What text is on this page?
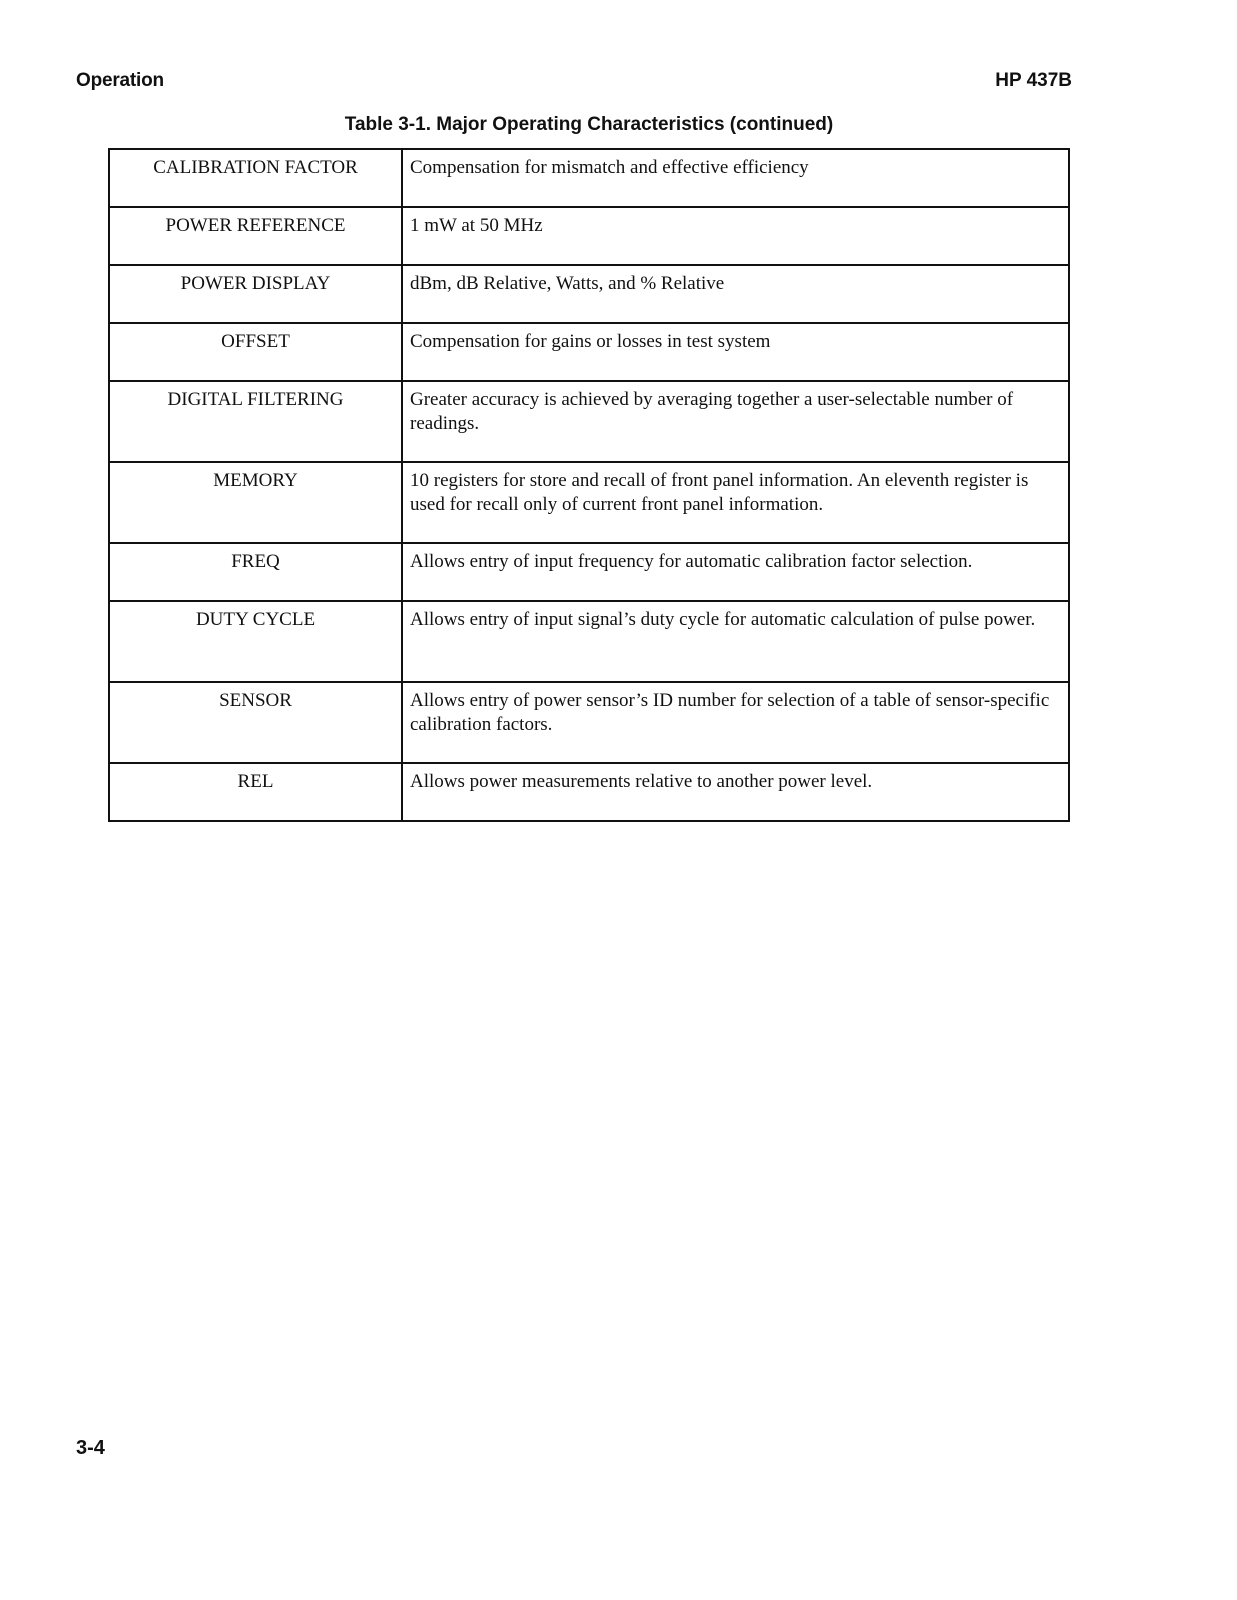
Operation	HP 437B
Table 3-1. Major Operating Characteristics (continued)
CALIBRATION FACTOR	Compensation for mismatch and effective efficiency
POWER REFERENCE	1 mW at 50 MHz
POWER DISPLAY	dBm, dB Relative, Watts, and % Relative
OFFSET	Compensation for gains or losses in test system
DIGITAL FILTERING	Greater accuracy is achieved by averaging together a user-selectable number of readings.
MEMORY	10 registers for store and recall of front panel information. An eleventh register is used for recall only of current front panel information.
FREQ	Allows entry of input frequency for automatic calibration factor selection.
DUTY CYCLE	Allows entry of input signal’s duty cycle for automatic calculation of pulse power.
SENSOR	Allows entry of power sensor’s ID number for selection of a table of sensor-specific calibration factors.
REL	Allows power measurements relative to another power level.
3-4
